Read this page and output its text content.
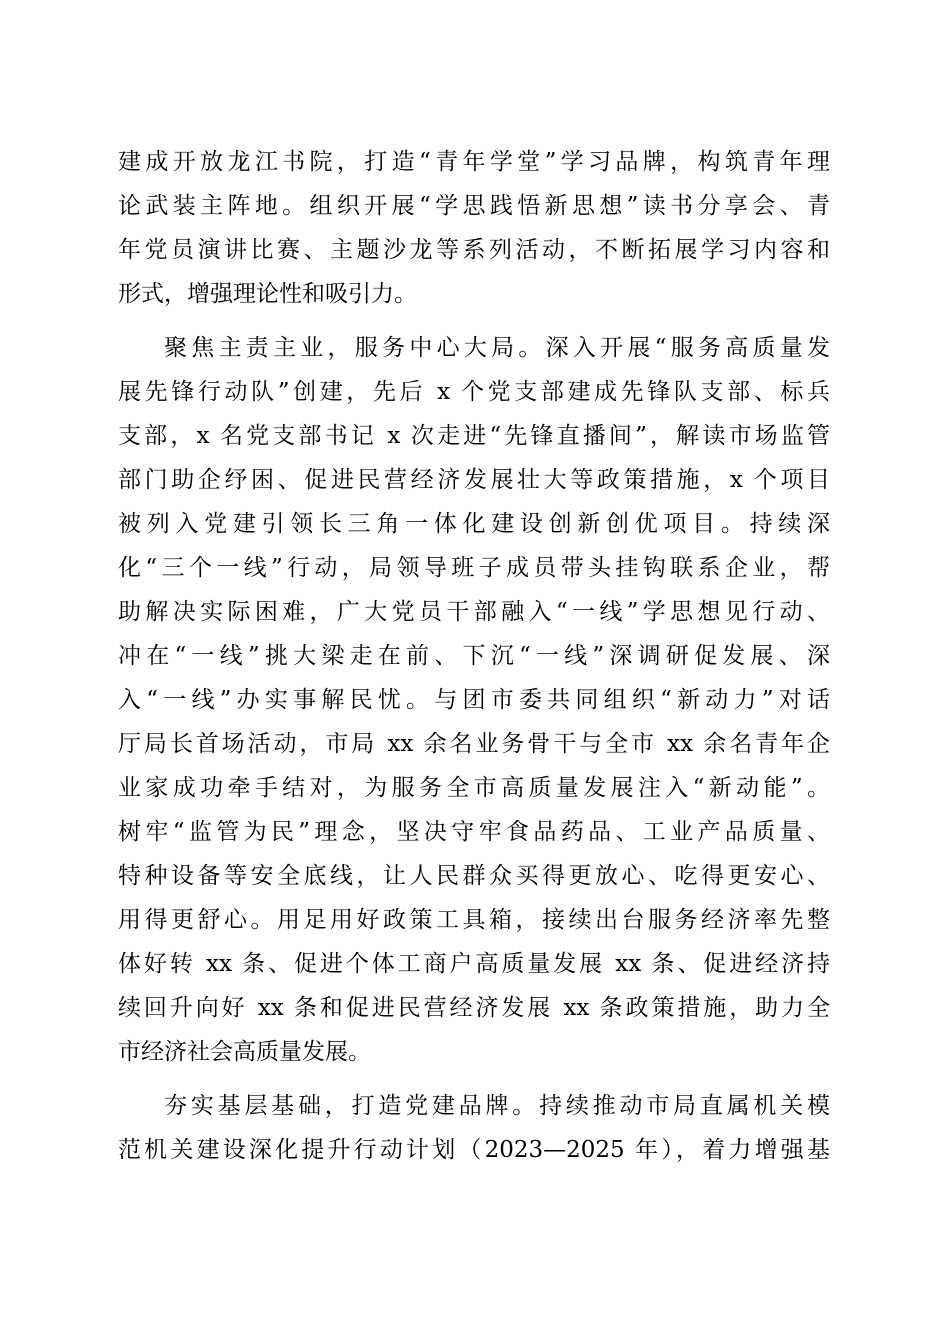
建成开放龙江书院，打造“青年学堂”学习品牌，构筑青年理
论武装主阵地。组织开展“学思践悟新思想”读书分享会、青
年党员演讲比赛、主题沙龙等系列活动，不断拓展学习内容和
形式，增强理论性和吸引力。
聚焦主责主业，服务中心大局。深入开展“服务高质量发
展先锋行动队”创建，先后 x 个党支部建成先锋队支部、标兵
支部，x 名党支部书记 x 次走进“先锋直播间”，解读市场监管
部门助企纾困、促进民营经济发展壮大等政策措施，x 个项目
被列入党建引领长三角一体化建设创新创优项目。持续深
化“三个一线”行动，局领导班子成员带头挂钩联系企业，帮
助解决实际困难，广大党员干部融入“一线”学思想见行动、
冲在“一线”挑大梁走在前、下沉“一线”深调研促发展、深
入“一线”办实事解民忧。与团市委共同组织“新动力”对话
厅局长首场活动，市局 xx 余名业务骨干与全市 xx 余名青年企
业家成功牵手结对，为服务全市高质量发展注入“新动能”。
树牢“监管为民”理念，坚决守牢食品药品、工业产品质量、
特种设备等安全底线，让人民群众买得更放心、吃得更安心、
用得更舒心。用足用好政策工具箱，接续出台服务经济率先整
体好转 xx 条、促进个体工商户高质量发展 xx 条、促进经济持
续回升向好 xx 条和促进民营经济发展 xx 条政策措施，助力全
市经济社会高质量发展。
夯实基层基础，打造党建品牌。持续推动市局直属机关模
范机关建设深化提升行动计划（2023—2025 年），着力增强基
